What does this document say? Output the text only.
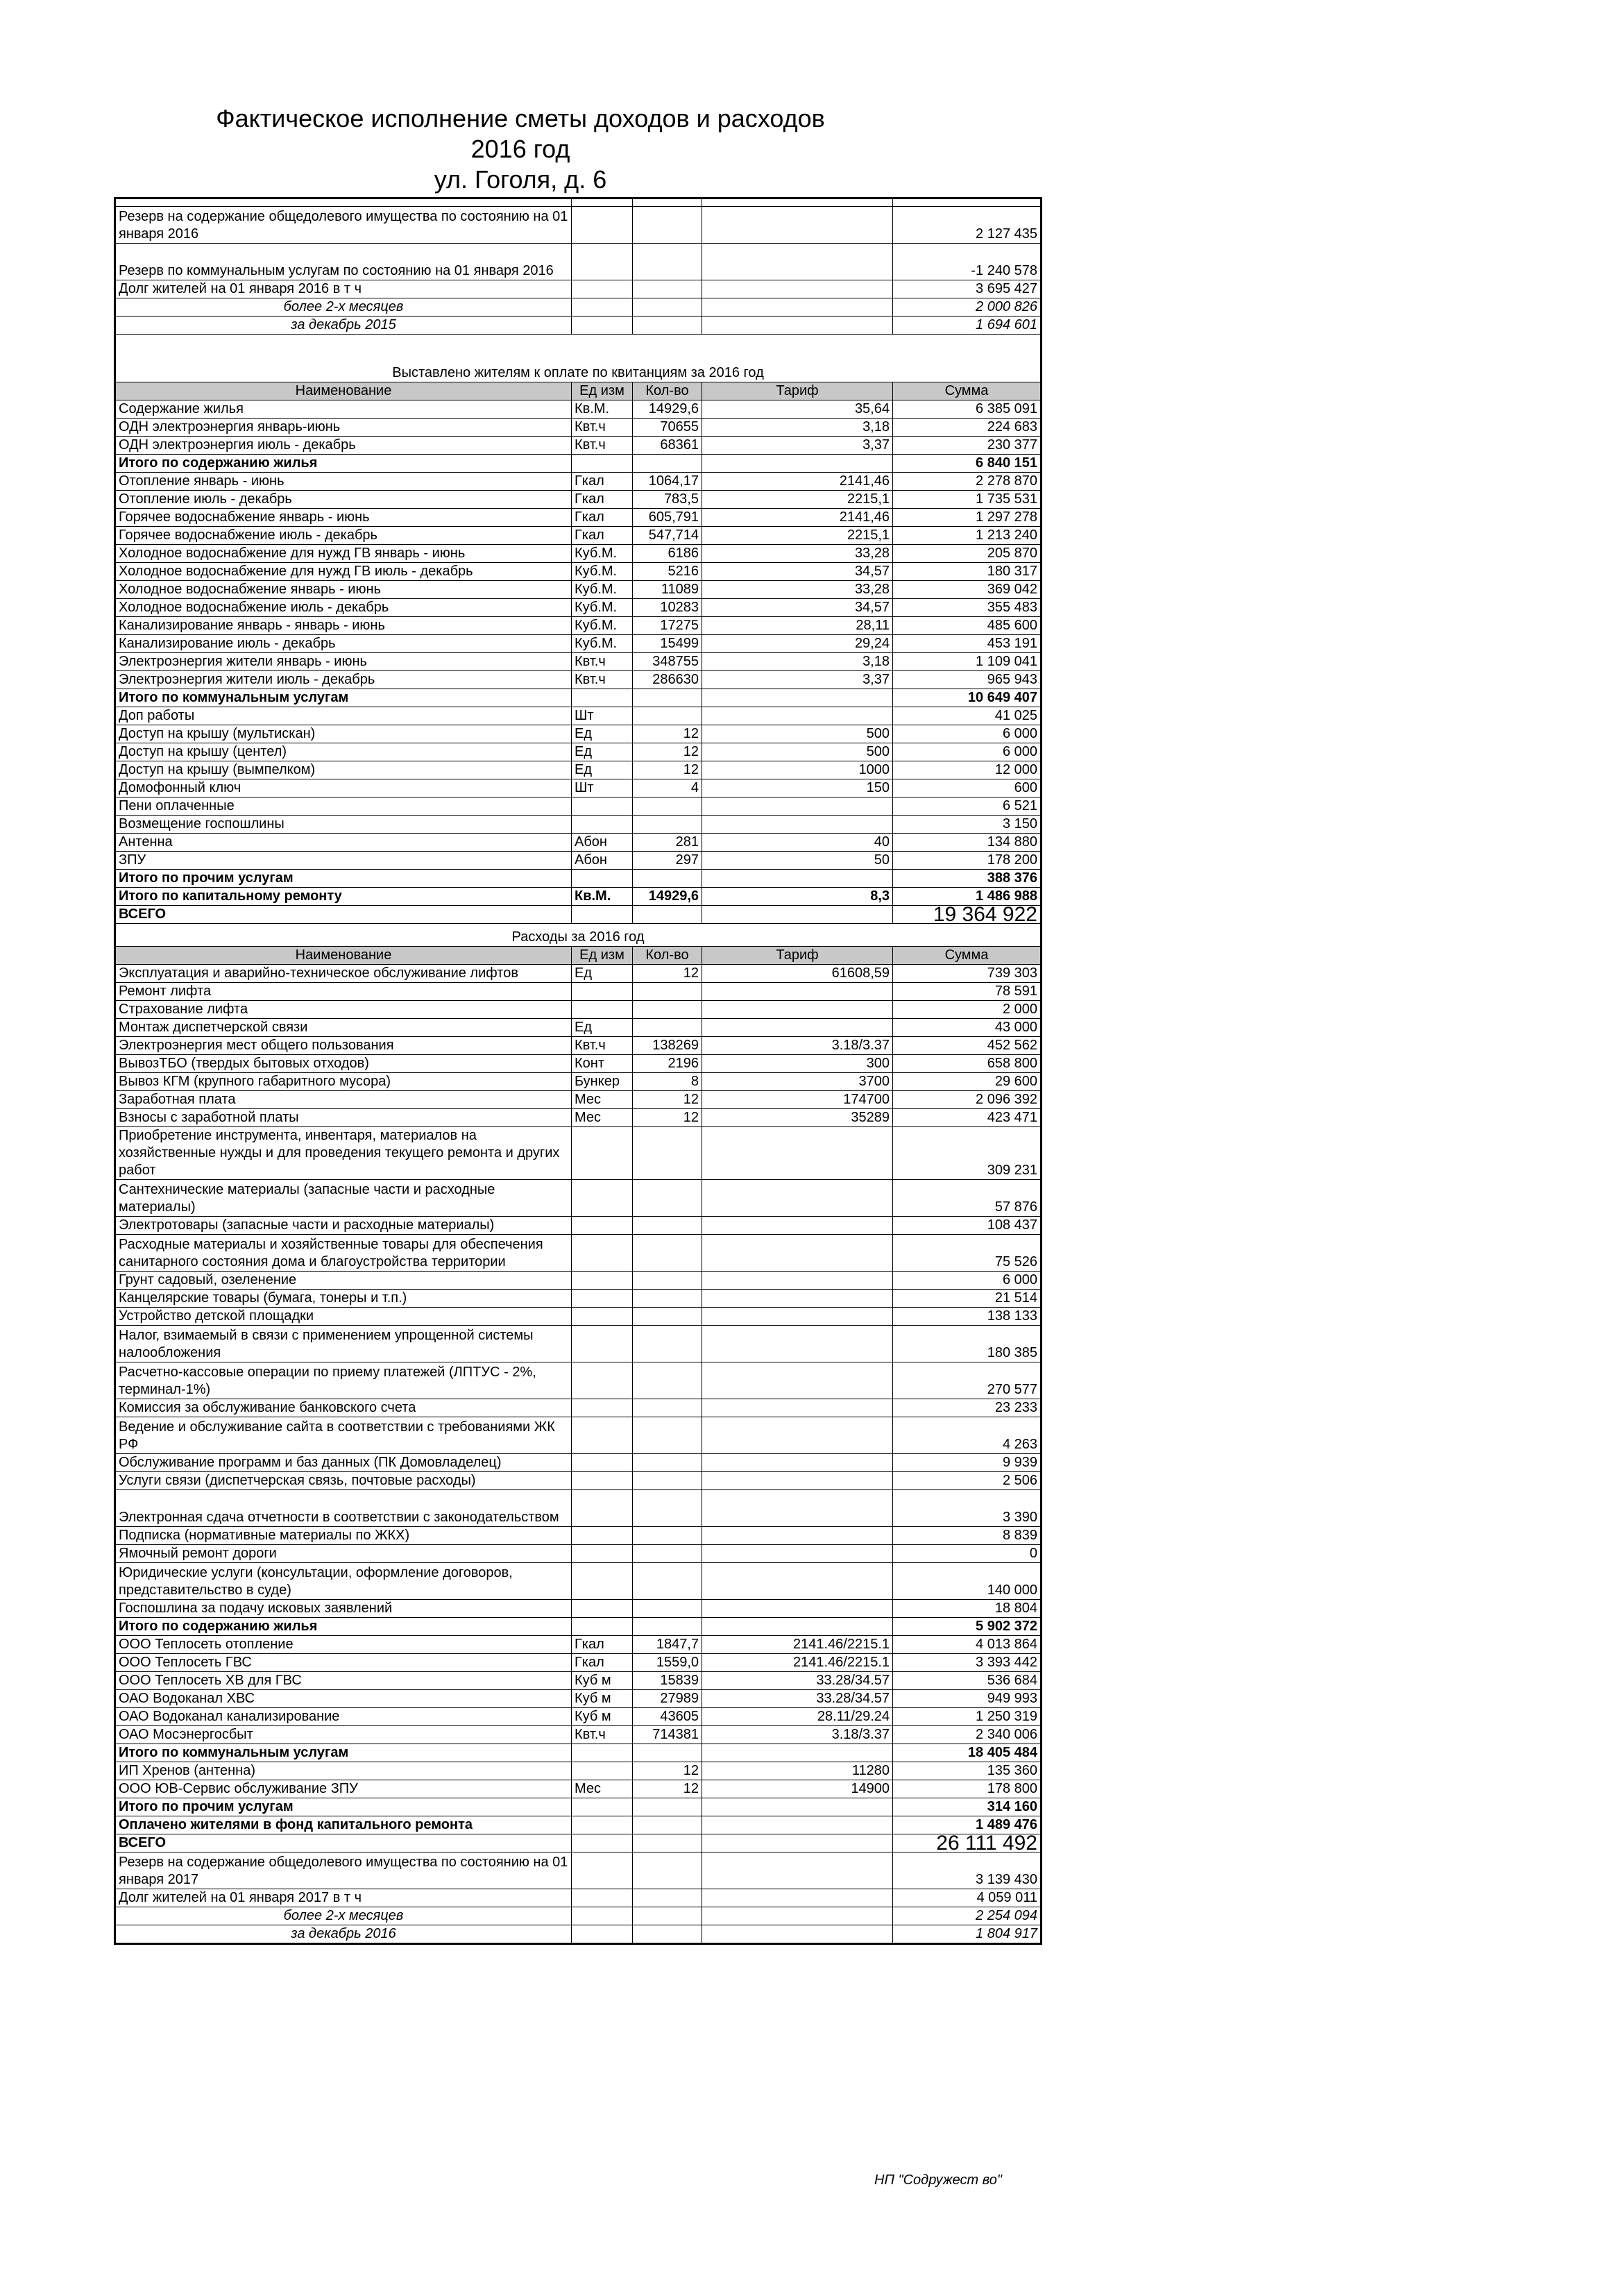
Фактическое исполнение сметы доходов и расходов
2016 год
ул. Гоголя, д. 6

Резерв на содержание общедолевого имущества по состоянию на 01 января 2016				2 127 435
Резерв по коммунальным услугам по состоянию на 01 января 2016				-1 240 578
Долг жителей на 01 января 2016 в т ч				3 695 427
более 2-х месяцев				2 000 826
за декабрь 2015				1 694 601
Выставлено жителям к оплате по квитанциям за 2016 год				
Наименование	Ед изм	Кол-во	Тариф	Сумма
Содержание жилья	Кв.М.	14929,6	35,64	6 385 091
ОДН электроэнергия январь-июнь	Квт.ч	70655	3,18	224 683
ОДН электроэнергия июль - декабрь	Квт.ч	68361	3,37	230 377
Итого по содержанию жилья				6 840 151
Отопление январь - июнь	Гкал	1064,17	2141,46	2 278 870
Отопление июль - декабрь	Гкал	783,5	2215,1	1 735 531
Горячее водоснабжение январь - июнь	Гкал	605,791	2141,46	1 297 278
Горячее водоснабжение июль - декабрь	Гкал	547,714	2215,1	1 213 240
Холодное водоснабжение для нужд ГВ январь - июнь	Куб.М.	6186	33,28	205 870
Холодное водоснабжение для нужд ГВ июль - декабрь	Куб.М.	5216	34,57	180 317
Холодное водоснабжение январь - июнь	Куб.М.	11089	33,28	369 042
Холодное водоснабжение июль - декабрь	Куб.М.	10283	34,57	355 483
Канализирование январь - январь - июнь	Куб.М.	17275	28,11	485 600
Канализирование июль - декабрь	Куб.М.	15499	29,24	453 191
Электроэнергия жители январь - июнь	Квт.ч	348755	3,18	1 109 041
Электроэнергия жители июль - декабрь	Квт.ч	286630	3,37	965 943
Итого по коммунальным услугам				10 649 407
Доп работы	Шт			41 025
Доступ на крышу (мультискан)	Ед	12	500	6 000
Доступ на крышу (центел)	Ед	12	500	6 000
Доступ на крышу (вымпелком)	Ед	12	1000	12 000
Домофонный ключ	Шт	4	150	600
Пени оплаченные				6 521
Возмещение госпошлины				3 150
Антенна	Абон	281	40	134 880
ЗПУ	Абон	297	50	178 200
Итого по прочим услугам				388 376
Итого по капитальному ремонту	Кв.М.	14929,6	8,3	1 486 988
ВСЕГО				19 364 922
Расходы за 2016 год				
Наименование	Ед изм	Кол-во	Тариф	Сумма
Эксплуатация и аварийно-техническое обслуживание лифтов	Ед	12	61608,59	739 303
Ремонт лифта				78 591
Страхование лифта				2 000
Монтаж диспетчерской связи	Ед			43 000
Электроэнергия мест общего пользования	Квт.ч	138269	3.18/3.37	452 562
ВывозТБО (твердых бытовых отходов)	Конт	2196	300	658 800
Вывоз КГМ (крупного габаритного мусора)	Бункер	8	3700	29 600
Заработная плата	Мес	12	174700	2 096 392
Взносы с заработной платы	Мес	12	35289	423 471
Приобретение инструмента, инвентаря, материалов на хозяйственные нужды и для проведения текущего ремонта и других работ				309 231
Сантехнические материалы (запасные части и расходные материалы)				57 876
Электротовары (запасные части и расходные материалы)				108 437
Расходные материалы и хозяйственные товары для обеспечения санитарного состояния дома и благоустройства территории				75 526
Грунт садовый, озеленение				6 000
Канцелярские товары (бумага, тонеры и т.п.)				21 514
Устройство детской площадки				138 133
Налог, взимаемый в связи с применением упрощенной системы налообложения				180 385
Расчетно-кассовые операции по приему платежей (ЛПТУС - 2%, терминал-1%)				270 577
Комиссия за обслуживание банковского счета				23 233
Ведение и обслуживание сайта в соответствии с требованиями ЖК РФ				4 263
Обслуживание программ и баз данных (ПК Домовладелец)				9 939
Услуги связи (диспетчерская связь, почтовые расходы)				2 506
Электронная сдача отчетности в соответствии с законодательством				3 390
Подписка (нормативные материалы по ЖКХ)				8 839
Ямочный ремонт дороги				0
Юридические услуги (консультации, оформление договоров, представительство в суде)				140 000
Госпошлина за подачу исковых заявлений				18 804
Итого по содержанию жилья				5 902 372
ООО Теплосеть отопление	Гкал	1847,7	2141.46/2215.1	4 013 864
ООО Теплосеть ГВС	Гкал	1559,0	2141.46/2215.1	3 393 442
ООО Теплосеть ХВ для ГВС	Куб м	15839	33.28/34.57	536 684
ОАО Водоканал ХВС	Куб м	27989	33.28/34.57	949 993
ОАО Водоканал канализирование	Куб м	43605	28.11/29.24	1 250 319
ОАО Мосэнергосбыт	Квт.ч	714381	3.18/3.37	2 340 006
Итого по коммунальным услугам				18 405 484
ИП Хренов (антенна)		12	11280	135 360
ООО ЮВ-Сервис обслуживание ЗПУ	Мес	12	14900	178 800
Итого по прочим услугам				314 160
Оплачено жителями в фонд капитального ремонта				1 489 476
ВСЕГО				26 111 492
Резерв на содержание общедолевого имущества по состоянию на 01 января 2017				3 139 430
Долг жителей на 01 января 2017 в т ч				4 059 011
более 2-х месяцев				2 254 094
за декабрь 2016				1 804 917
НП "Содружест во"
